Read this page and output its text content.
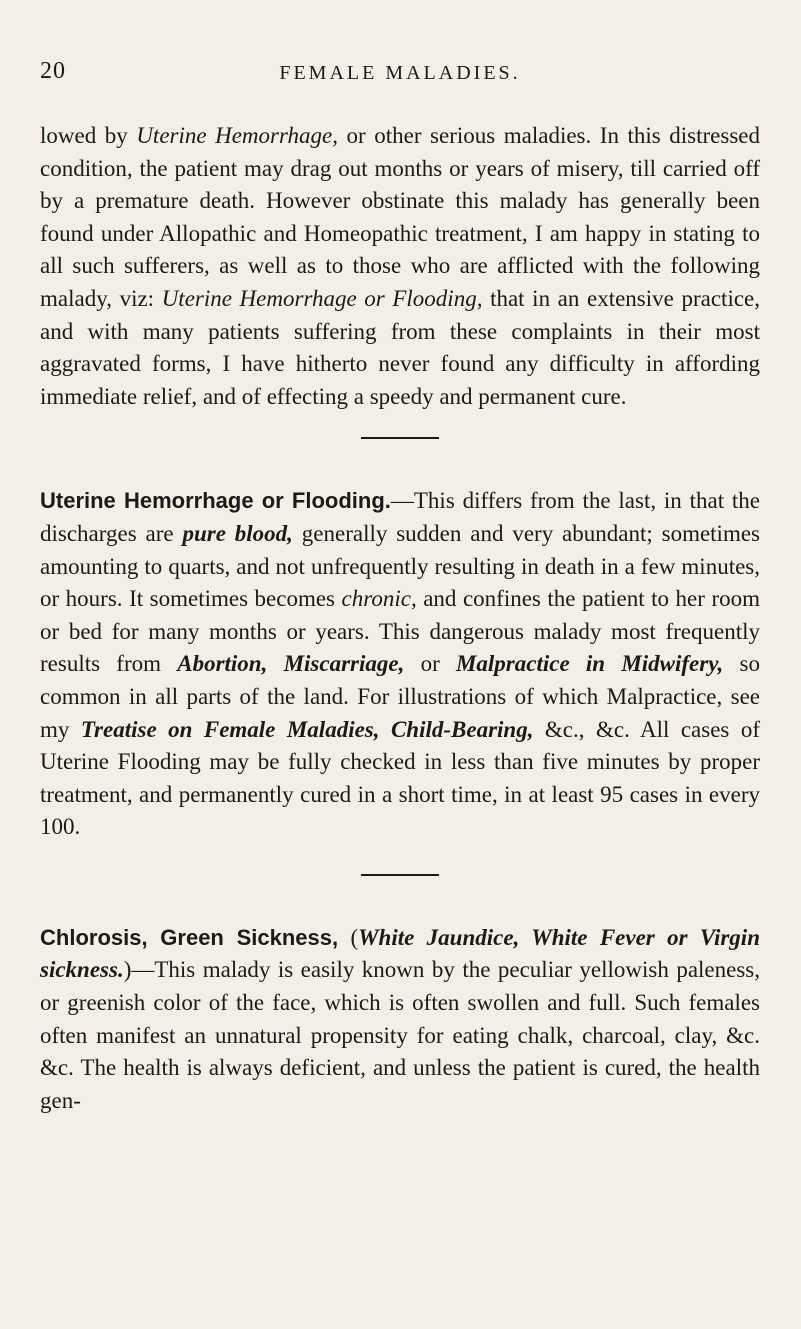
20	FEMALE MALADIES.

lowed by Uterine Hemorrhage, or other serious maladies. In this distressed condition, the patient may drag out months or years of misery, till carried off by a premature death. However obstinate this malady has generally been found under Allopathic and Homeopathic treatment, I am happy in stating to all such sufferers, as well as to those who are afflicted with the following malady, viz: Uterine Hemorrhage or Flooding, that in an extensive practice, and with many patients suffering from these complaints in their most aggravated forms, I have hitherto never found any difficulty in affording immediate relief, and of effecting a speedy and permanent cure.

Uterine Hemorrhage or Flooding.—This differs from the last, in that the discharges are pure blood, generally sudden and very abundant; sometimes amounting to quarts, and not unfrequently resulting in death in a few minutes, or hours. It sometimes becomes chronic, and confines the patient to her room or bed for many months or years. This dangerous malady most frequently results from Abortion, Miscarriage, or Malpractice in Midwifery, so common in all parts of the land. For illustrations of which Malpractice, see my Treatise on Female Maladies, Child-Bearing, &c., &c. All cases of Uterine Flooding may be fully checked in less than five minutes by proper treatment, and permanently cured in a short time, in at least 95 cases in every 100.

Chlorosis, Green Sickness, (White Jaundice, White Fever or Virgin sickness.)—This malady is easily known by the peculiar yellowish paleness, or greenish color of the face, which is often swollen and full. Such females often manifest an unnatural propensity for eating chalk, charcoal, clay, &c. &c. The health is always deficient, and unless the patient is cured, the health gen-
